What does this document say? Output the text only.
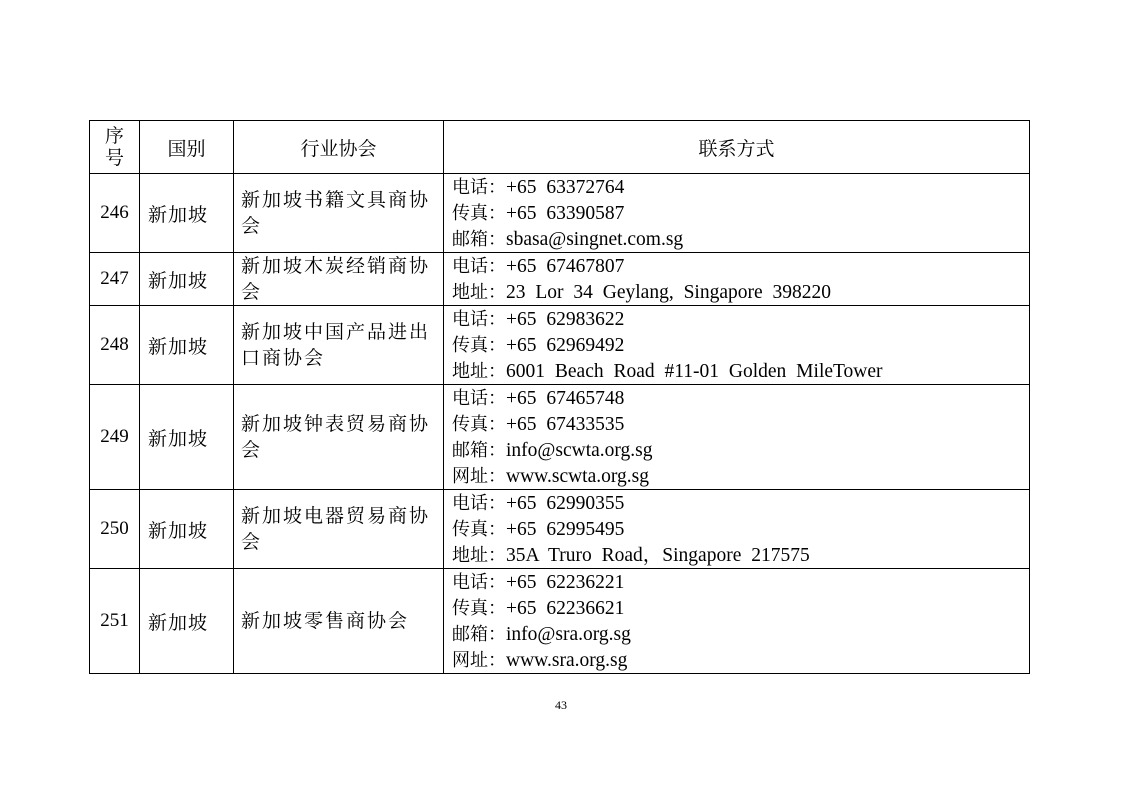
序
号	国别	行业协会	联系方式
246	新加坡	新加坡书籍文具商协会	电话：+65 63372764
传真：+65 63390587
邮箱：sbasa@singnet.com.sg

247	新加坡	新加坡木炭经销商协会	电话：+65 67467807
地址：23 Lor 34 Geylang, Singapore 398220

248	新加坡	新加坡中国产品进出口商协会	电话：+65 62983622
传真：+65 62969492
地址：6001 Beach Road #11-01 Golden MileTower

249	新加坡	新加坡钟表贸易商协会	电话：+65 67465748
传真：+65 67433535
邮箱：info@scwta.org.sg
网址：www.scwta.org.sg

250	新加坡	新加坡电器贸易商协会	电话：+65 62990355
传真：+65 62995495
地址：35A Truro Road，Singapore 217575

251	新加坡	新加坡零售商协会	电话：+65 62236221
传真：+65 62236621
邮箱：info@sra.org.sg
网址：www.sra.org.sg
43
